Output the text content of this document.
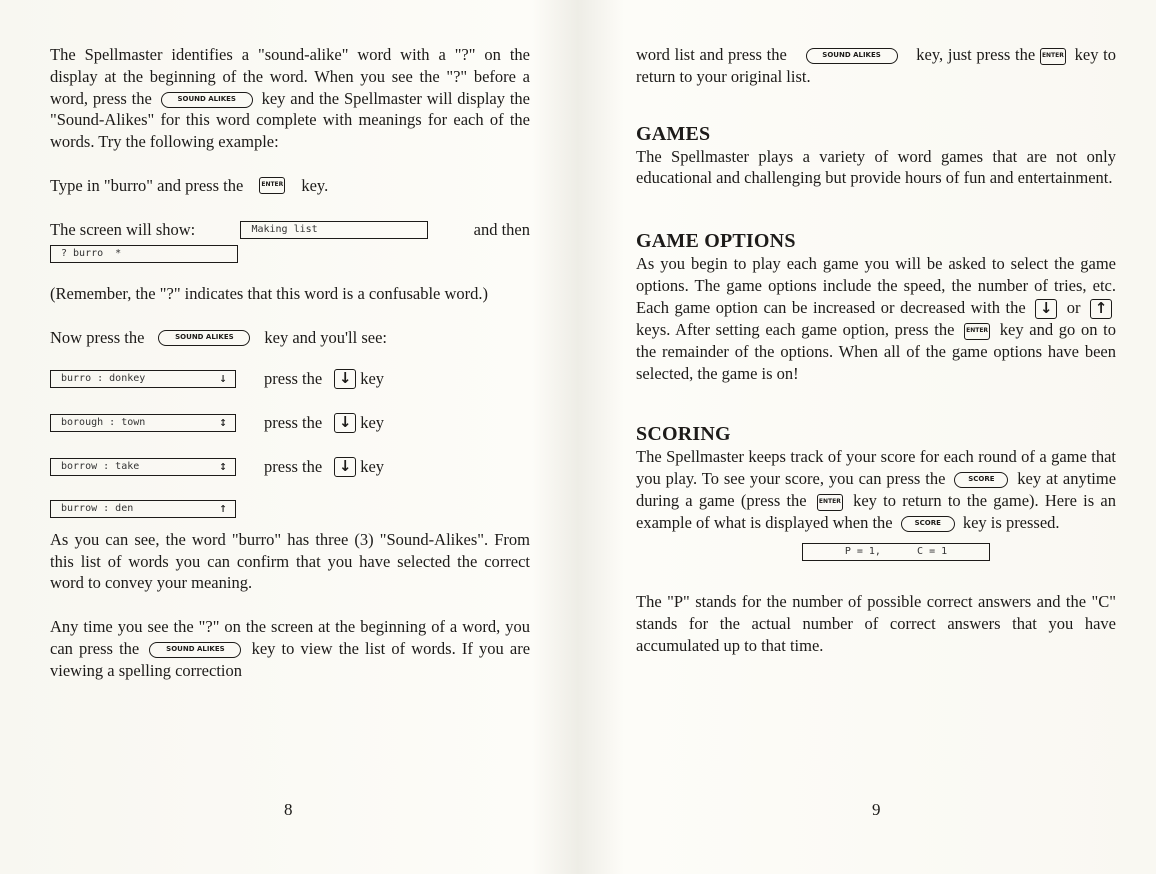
The Spellmaster identifies a "sound-alike" word with a "?" on the display at the beginning of the word. When you see the "?" before a word, press the	SOUND ALIKES key and the Spellmaster will display the "Sound-Alikes" for this word complete with meanings for each of the words. Try the following example:

Type in "burro" and press the	ENTER key.
The screen will show:	Making list	and then
? burro  *

(Remember, the "?" indicates that this word is a confusable word.)

Now press the	SOUND ALIKES	key and you'll see:
burro : donkey	↓ press the	↓ key
borough : town	↕ press the	↓ key
borrow : take	↕ press the	↓ key
burrow : den	↑

As you can see, the word "burro" has three (3) "Sound-Alikes". From this list of words you can confirm that you have selected the correct word to convey your meaning.

Any time you see the "?" on the screen at the beginning of a word, you can press the	SOUND ALIKES key to view the list of words. If you are viewing a spelling correction

8

word list and press the	SOUND ALIKES key, just press the ENTER key to return to your original list.

GAMES

The Spellmaster plays a variety of word games that are not only educational and challenging but provide hours of fun and entertainment.

GAME OPTIONS

As you begin to play each game you will be asked to select the game options. The game options include the speed, the number of tries, etc. Each game option can be increased or decreased with the ↓ or ↑ keys. After setting each game option, press the ENTER key and go on to the remainder of the options. When all of the game options have been selected, the game is on!

SCORING

The Spellmaster keeps track of your score for each round of a game that you play. To see your score, you can press the	SCORE key at anytime during a game (press the ENTER key to return to the game). Here is an example of what is displayed when the	SCORE key is pressed.

P = 1,      C = 1

The "P" stands for the number of possible correct answers and the "C" stands for the actual number of correct answers that you have accumulated up to that time.

9
